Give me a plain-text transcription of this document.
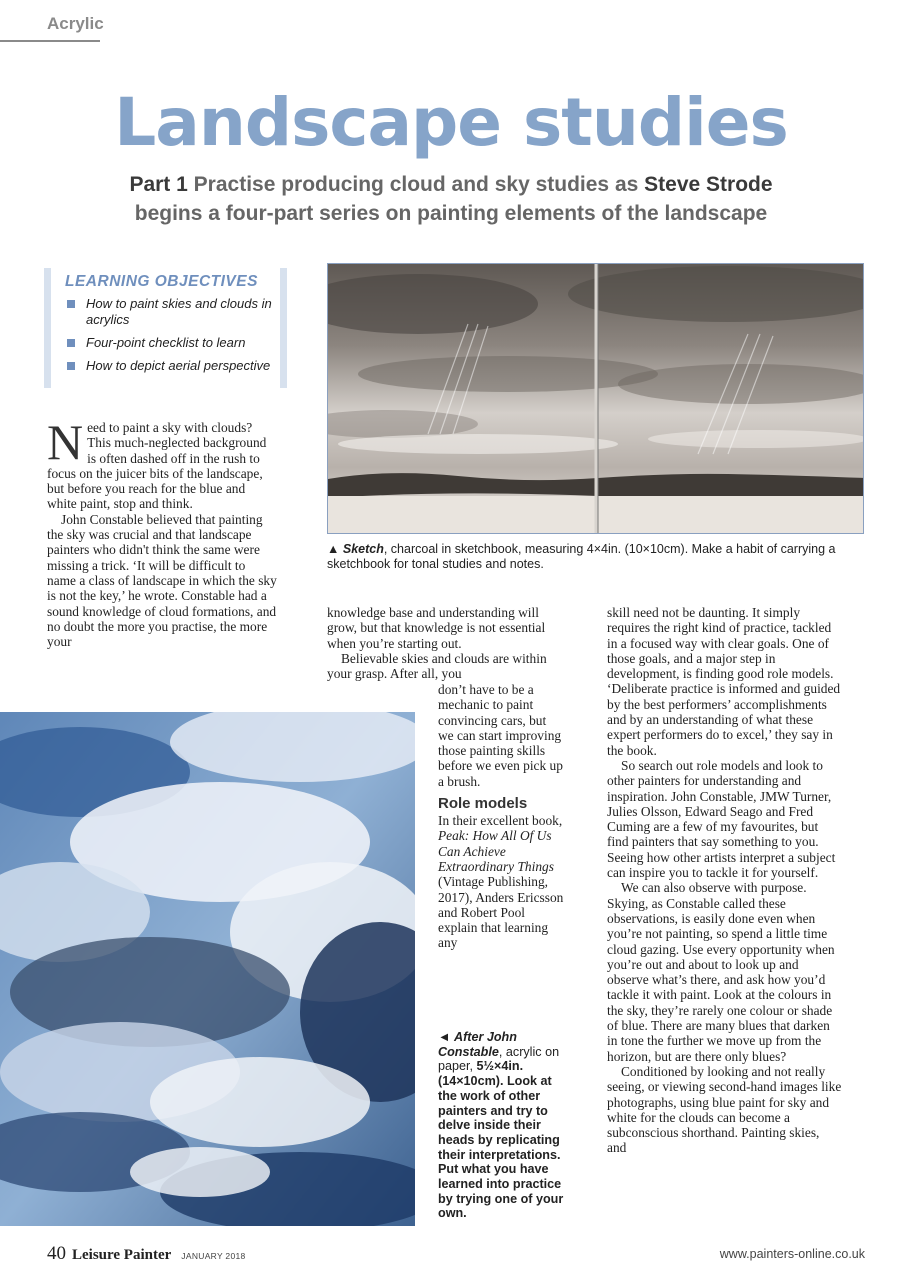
Acrylic
Landscape studies
Part 1 Practise producing cloud and sky studies as Steve Strode
begins a four-part series on painting elements of the landscape
LEARNING OBJECTIVES
How to paint skies and clouds in acrylics
Four-point checklist to learn
How to depict aerial perspective
▲ Sketch, charcoal in sketchbook, measuring 4×4in. (10×10cm). Make a habit of carrying a sketchbook for tonal studies and notes.

Need to paint a sky with clouds? This much-neglected background is often dashed off in the rush to focus on the juicer bits of the landscape, but before you reach for the blue and white paint, stop and think.

John Constable believed that painting the sky was crucial and that landscape painters who didn't think the same were missing a trick. ‘It will be difficult to name a class of landscape in which the sky is not the key,’ he wrote. Constable had a sound knowledge of cloud formations, and no doubt the more you practise, the more your

knowledge base and understanding will grow, but that knowledge is not essential when you’re starting out.

Believable skies and clouds are within your grasp. After all, you

don’t have to be a mechanic to paint convincing cars, but we can start improving those painting skills before we even pick up a brush.

Role models

In their excellent book, Peak: How All Of Us Can Achieve Extraordinary Things (Vintage Publishing, 2017), Anders Ericsson and Robert Pool explain that learning any

skill need not be daunting. It simply requires the right kind of practice, tackled in a focused way with clear goals. One of those goals, and a major step in development, is finding good role models. ‘Deliberate practice is informed and guided by the best performers’ accomplishments and by an understanding of what these expert performers do to excel,’ they say in the book.

So search out role models and look to other painters for understanding and inspiration. John Constable, JMW Turner, Julies Olsson, Edward Seago and Fred Cuming are a few of my favourites, but find painters that say something to you. Seeing how other artists interpret a subject can inspire you to tackle it for yourself.

We can also observe with purpose. Skying, as Constable called these observations, is easily done even when you’re not painting, so spend a little time cloud gazing. Use every opportunity when you’re out and about to look up and observe what’s there, and ask how you’d tackle it with paint. Look at the colours in the sky, they’re rarely one colour or shade of blue. There are many blues that darken in tone the further we move up from the horizon, but are there only blues?

Conditioned by looking and not really seeing, or viewing second-hand images like photographs, using blue paint for sky and white for the clouds can become a subconscious shorthand. Painting skies, and

◄ After John Constable, acrylic on paper, 5½×4in. (14×10cm). Look at the work of other painters and try to delve inside their heads by replicating their interpretations. Put what you have learned into practice by trying one of your own.
40 Leisure Painter JANUARY 2018	www.painters-online.co.uk
